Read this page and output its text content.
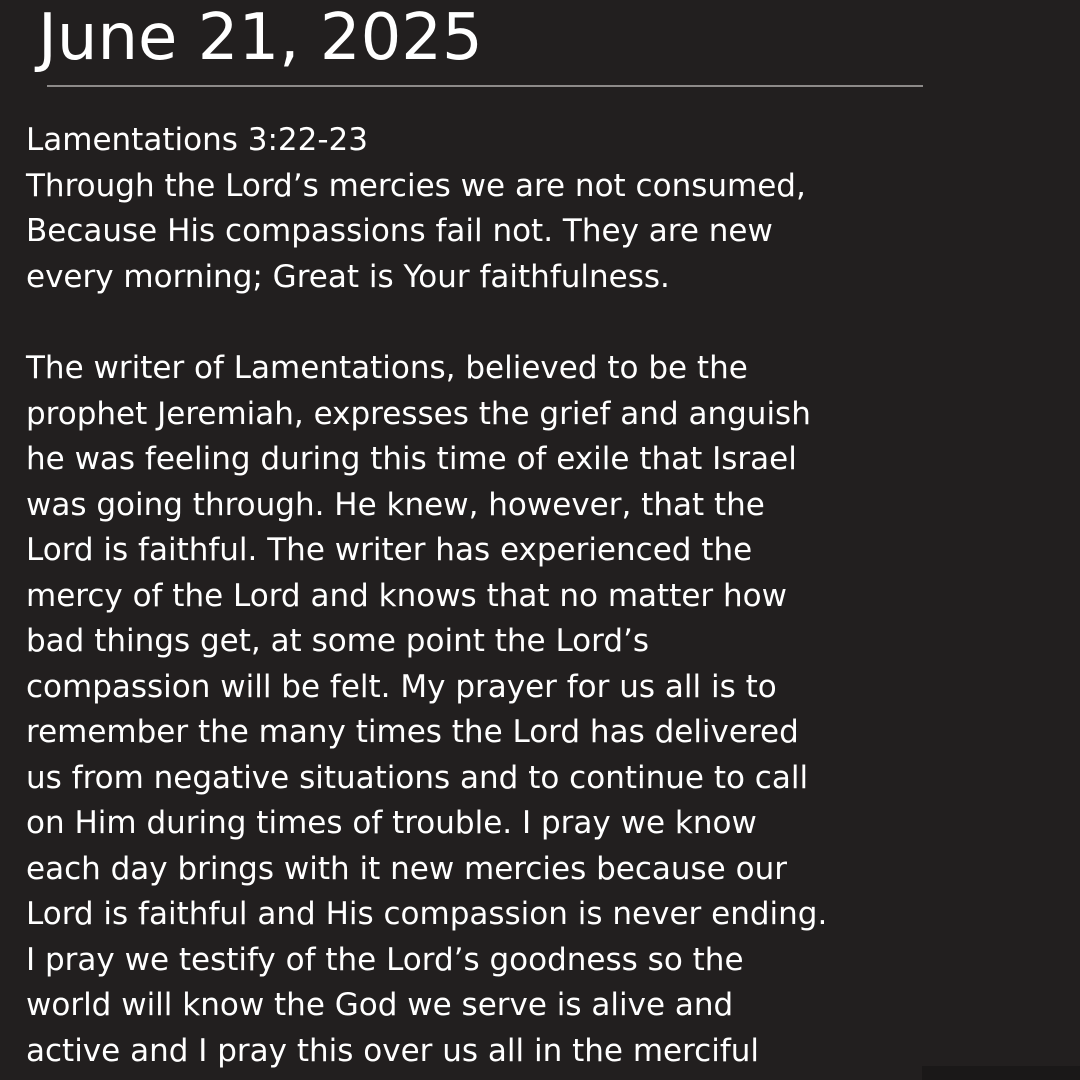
June 21, 2025

Lamentations 3:22-23
Through the Lord’s mercies we are not consumed,
Because His compassions fail not. They are new
every morning; Great is Your faithfulness.

The writer of Lamentations, believed to be the
prophet Jeremiah, expresses the grief and anguish
he was feeling during this time of exile that Israel
was going through. He knew, however, that the
Lord is faithful. The writer has experienced the
mercy of the Lord and knows that no matter how
bad things get, at some point the Lord’s
compassion will be felt. My prayer for us all is to
remember the many times the Lord has delivered
us from negative situations and to continue to call
on Him during times of trouble. I pray we know
each day brings with it new mercies because our
Lord is faithful and His compassion is never ending.
I pray we testify of the Lord’s goodness so the
world will know the God we serve is alive and
active and I pray this over us all in the merciful
